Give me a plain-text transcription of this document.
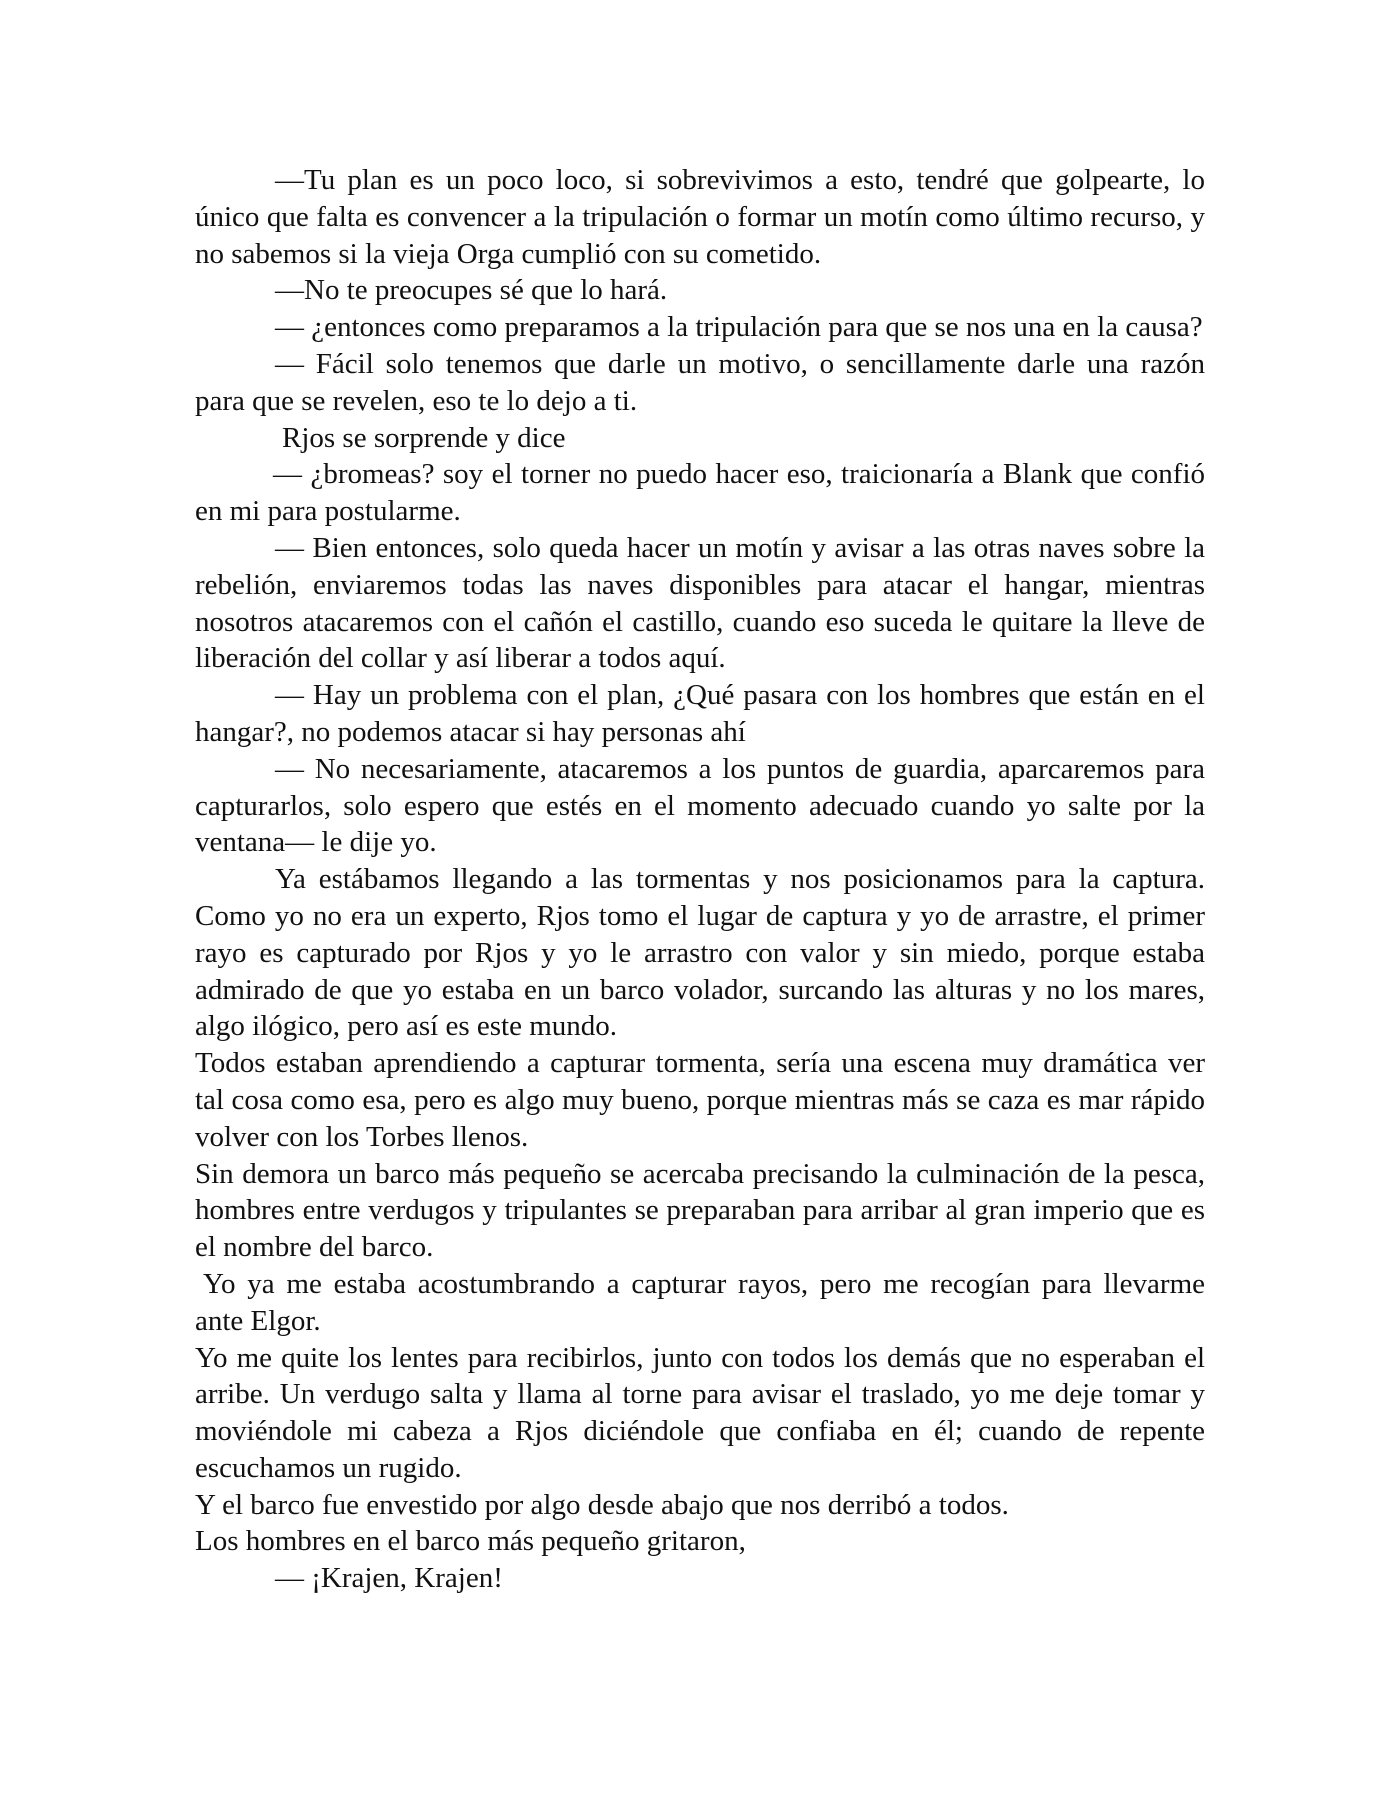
—Tu plan es un poco loco, si sobrevivimos a esto, tendré que golpearte, lo único que falta es convencer a la tripulación o formar un motín como último recurso, y no sabemos si la vieja Orga cumplió con su cometido.

—No te preocupes sé que lo hará.

— ¿entonces como preparamos a la tripulación para que se nos una en la causa?

— Fácil solo tenemos que darle un motivo, o sencillamente darle una razón para que se revelen, eso te lo dejo a ti.

Rjos se sorprende y dice

— ¿bromeas? soy el torner no puedo hacer eso, traicionaría a Blank que confió en mi para postularme.

— Bien entonces, solo queda hacer un motín y avisar a las otras naves sobre la rebelión, enviaremos todas las naves disponibles para atacar el hangar, mientras nosotros atacaremos con el cañón el castillo, cuando eso suceda le quitare la lleve de liberación del collar y así liberar a todos aquí.

— Hay un problema con el plan, ¿Qué pasara con los hombres que están en el hangar?, no podemos atacar si hay personas ahí

— No necesariamente, atacaremos a los puntos de guardia, aparcaremos para capturarlos, solo espero que estés en el momento adecuado cuando yo salte por la ventana— le dije yo.

Ya estábamos llegando a las tormentas y nos posicionamos para la captura. Como yo no era un experto, Rjos tomo el lugar de captura y yo de arrastre, el primer rayo es capturado por Rjos y yo le arrastro con valor y sin miedo, porque estaba admirado de que yo estaba en un barco volador, surcando las alturas y no los mares, algo ilógico, pero así es este mundo.

Todos estaban aprendiendo a capturar tormenta, sería una escena muy dramática ver tal cosa como esa, pero es algo muy bueno, porque mientras más se caza es mar rápido volver con los Torbes llenos.

Sin demora un barco más pequeño se acercaba precisando la culminación de la pesca, hombres entre verdugos y tripulantes se preparaban para arribar al gran imperio que es el nombre del barco.

Yo ya me estaba acostumbrando a capturar rayos, pero me recogían para llevarme ante Elgor.

Yo me quite los lentes para recibirlos, junto con todos los demás que no esperaban el arribe. Un verdugo salta y llama al torne para avisar el traslado, yo me deje tomar y moviéndole mi cabeza a Rjos diciéndole que confiaba en él; cuando de repente escuchamos un rugido.

Y el barco fue envestido por algo desde abajo que nos derribó a todos.

Los hombres en el barco más pequeño gritaron,

— ¡Krajen, Krajen!
